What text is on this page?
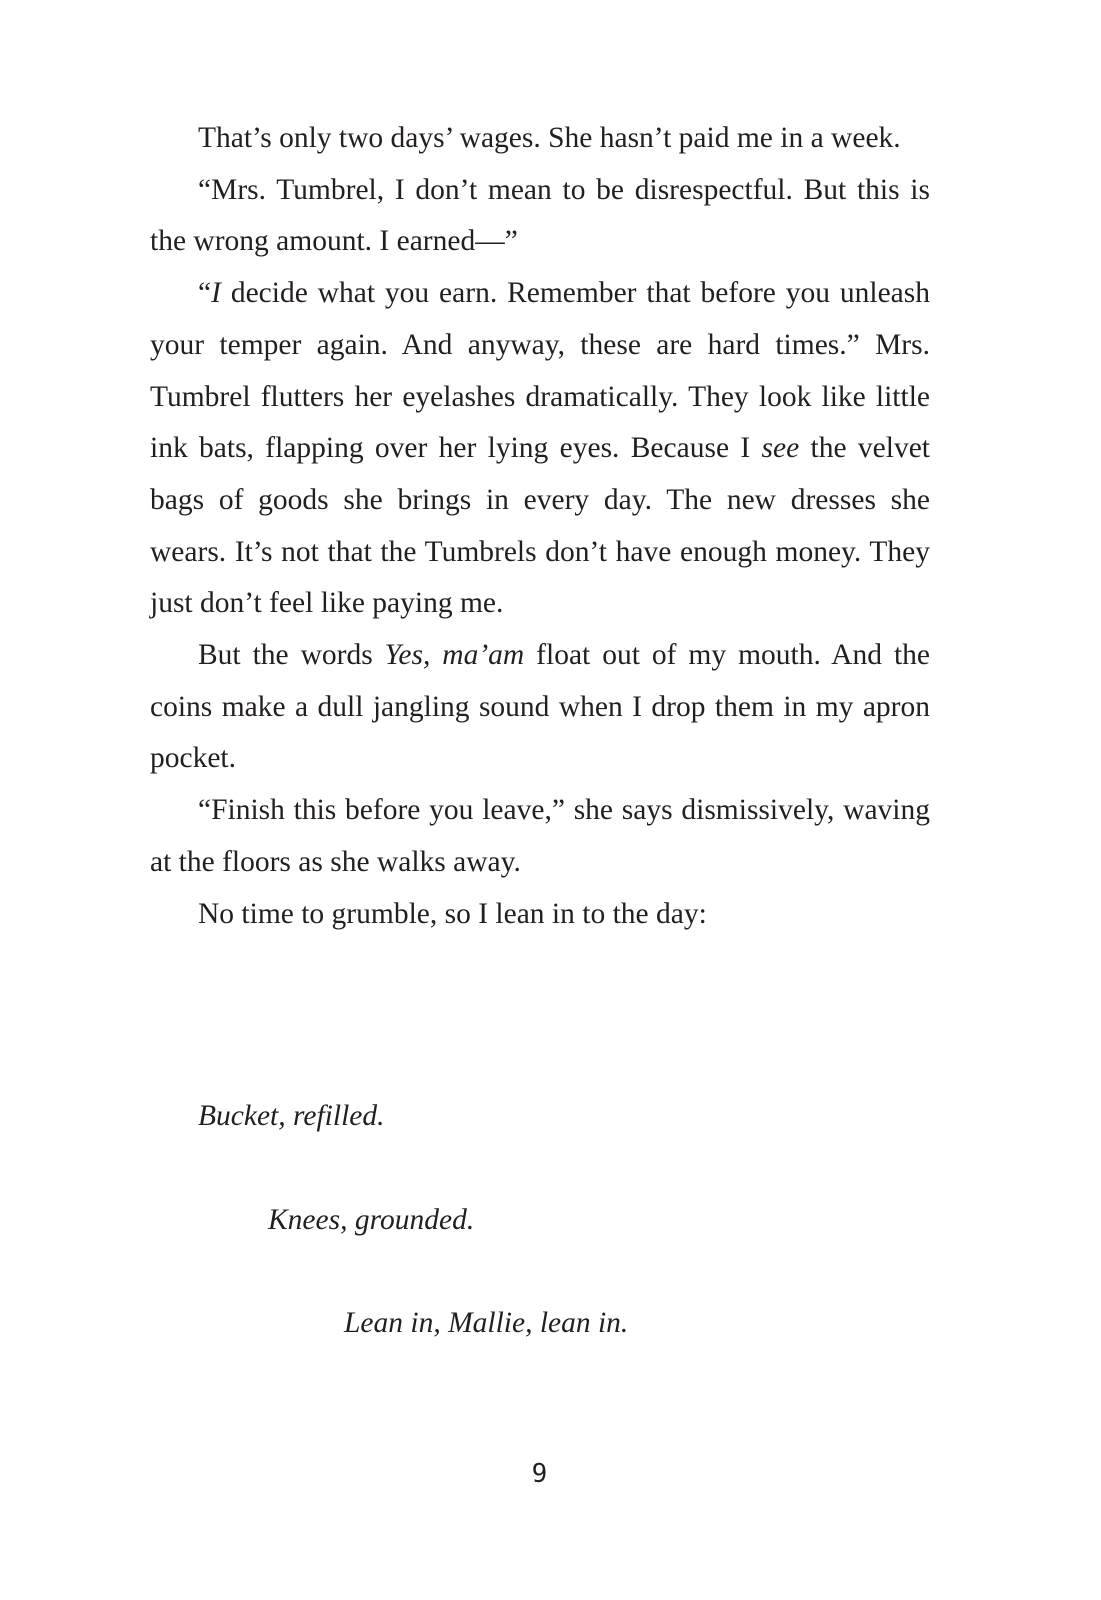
That’s only two days’ wages. She hasn’t paid me in a week.

“Mrs. Tumbrel, I don’t mean to be disrespectful. But this is the wrong amount. I earned—”

“I decide what you earn. Remember that before you unleash your temper again. And anyway, these are hard times.” Mrs. Tumbrel flutters her eyelashes dramatically. They look like little ink bats, flapping over her lying eyes. Because I see the velvet bags of goods she brings in every day. The new dresses she wears. It’s not that the Tumbrels don’t have enough money. They just don’t feel like paying me.

But the words Yes, ma’am float out of my mouth. And the coins make a dull jangling sound when I drop them in my apron pocket.

“Finish this before you leave,” she says dismissively, waving at the floors as she walks away.

No time to grumble, so I lean in to the day:

Bucket, refilled.

Knees, grounded.

Lean in, Mallie, lean in.

9
